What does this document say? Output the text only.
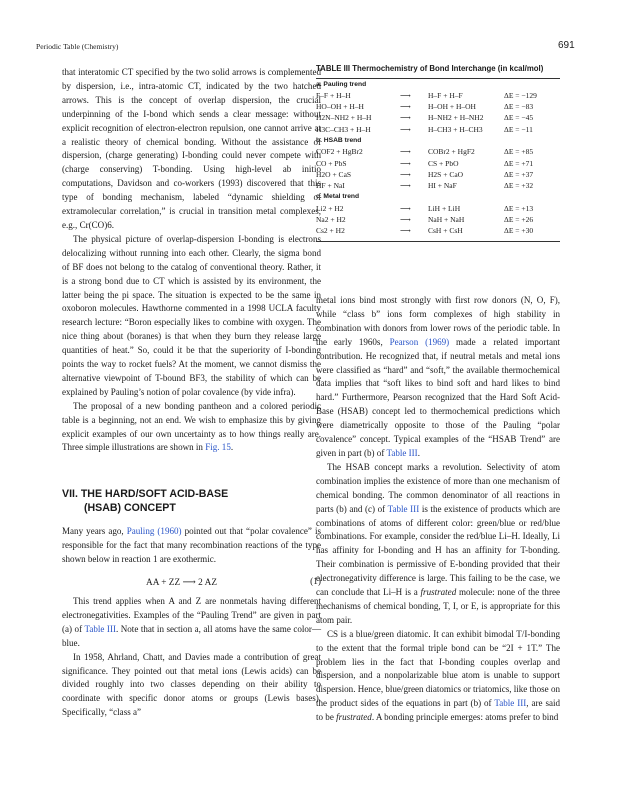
Periodic Table (Chemistry)	691

that interatomic CT specified by the two solid arrows is complemented by dispersion, i.e., intra-atomic CT, indicated by the two hatched arrows. This is the concept of overlap dispersion, the crucial underpinning of the I-bond which sends a clear message: without explicit recognition of electron-electron repulsion, one cannot arrive at a realistic theory of chemical bonding. Without the assistance of dispersion, (charge generating) I-bonding could never compete with (charge conserving) T-bonding. Using high-level ab initio computations, Davidson and co-workers (1993) discovered that this type of bonding mechanism, labeled “dynamic shielding of extramolecular correlation,” is crucial in transition metal complexes, e.g., Cr(CO)6.

The physical picture of overlap-dispersion I-bonding is electrons delocalizing without running into each other. Clearly, the sigma bond of BF does not belong to the catalog of conventional theory. Rather, it is a strong bond due to CT which is assisted by its environment, the latter being the pi space. The situation is expected to be the same in oxoboron molecules. Hawthorne commented in a 1998 UCLA faculty research lecture: “Boron especially likes to combine with oxygen. The nice thing about (boranes) is that when they burn they release large quantities of heat.” So, could it be that the superiority of I-bonding points the way to rocket fuels? At the moment, we cannot dismiss the alternative viewpoint of T-bound BF3, the stability of which can be explained by Pauling’s notion of polar covalence (by vide infra).

The proposal of a new bonding pantheon and a colored periodic table is a beginning, not an end. We wish to emphasize this by giving explicit examples of our own uncertainty as to how things really are. Three simple illustrations are shown in Fig. 15.

VII. THE HARD/SOFT ACID-BASE
(HSAB) CONCEPT

Many years ago, Pauling (1960) pointed out that “polar covalence” is responsible for the fact that many recombination reactions of the type shown below in reaction 1 are exothermic.

AA + ZZ ⟶ 2 AZ	(1)

This trend applies when A and Z are nonmetals having different electronegativities. Examples of the “Pauling Trend” are given in part (a) of Table III. Note that in section a, all atoms have the same color—blue.

In 1958, Ahrland, Chatt, and Davies made a contribution of great significance. They pointed out that metal ions (Lewis acids) can be divided roughly into two classes depending on their ability to coordinate with specific donor atoms or groups (Lewis bases). Specifically, “class a”

TABLE III Thermochemistry of Bond Interchange (in kcal/mol)
a. Pauling trend
F–F + H–H	⟶ H–F + H–F	ΔE = −129
HO–OH + H–H	⟶ H–OH + H–OH	ΔE = −83
H2N–NH2 + H–H	⟶ H–NH2 + H–NH2	ΔE = −45
H3C–CH3 + H–H	⟶ H–CH3 + H–CH3	ΔE = −11
b. HSAB trend
COF2 + HgBr2	⟶ COBr2 + HgF2	ΔE = +85
CO + PbS	⟶ CS + PbO	ΔE = +71
H2O + CaS	⟶ H2S + CaO	ΔE = +37
HF + NaI	⟶ HI + NaF	ΔE = +32
c. Metal trend
Li2 + H2	⟶ LiH + LiH	ΔE = +13
Na2 + H2	⟶ NaH + NaH	ΔE = +26
Cs2 + H2	⟶ CsH + CsH	ΔE = +30

metal ions bind most strongly with first row donors (N, O, F), while “class b” ions form complexes of high stability in combination with donors from lower rows of the periodic table. In the early 1960s, Pearson (1969) made a related important contribution. He recognized that, if neutral metals and metal ions were classified as “hard” and “soft,” the available thermochemical data implies that “soft likes to bind soft and hard likes to bind hard.” Furthermore, Pearson recognized that the Hard Soft Acid-Base (HSAB) concept led to thermochemical predictions which were diametrically opposite to those of the Pauling “polar covalence” concept. Typical examples of the “HSAB Trend” are given in part (b) of Table III.

The HSAB concept marks a revolution. Selectivity of atom combination implies the existence of more than one mechanism of chemical bonding. The common denominator of all reactions in parts (b) and (c) of Table III is the existence of products which are combinations of atoms of different color: green/blue or red/blue combinations. For example, consider the red/blue Li–H. Ideally, Li has affinity for I-bonding and H has an affinity for T-bonding. Their combination is permissive of E-bonding provided that their electronegativity difference is large. This failing to be the case, we can conclude that Li–H is a frustrated molecule: none of the three mechanisms of chemical bonding, T, I, or E, is appropriate for this atom pair.

CS is a blue/green diatomic. It can exhibit bimodal T/I-bonding to the extent that the formal triple bond can be “2I + 1T.” The problem lies in the fact that I-bonding couples overlap and dispersion, and a nonpolarizable blue atom is unable to support dispersion. Hence, blue/green diatomics or triatomics, like those on the product sides of the equations in part (b) of Table III, are said to be frustrated. A bonding principle emerges: atoms prefer to bind
